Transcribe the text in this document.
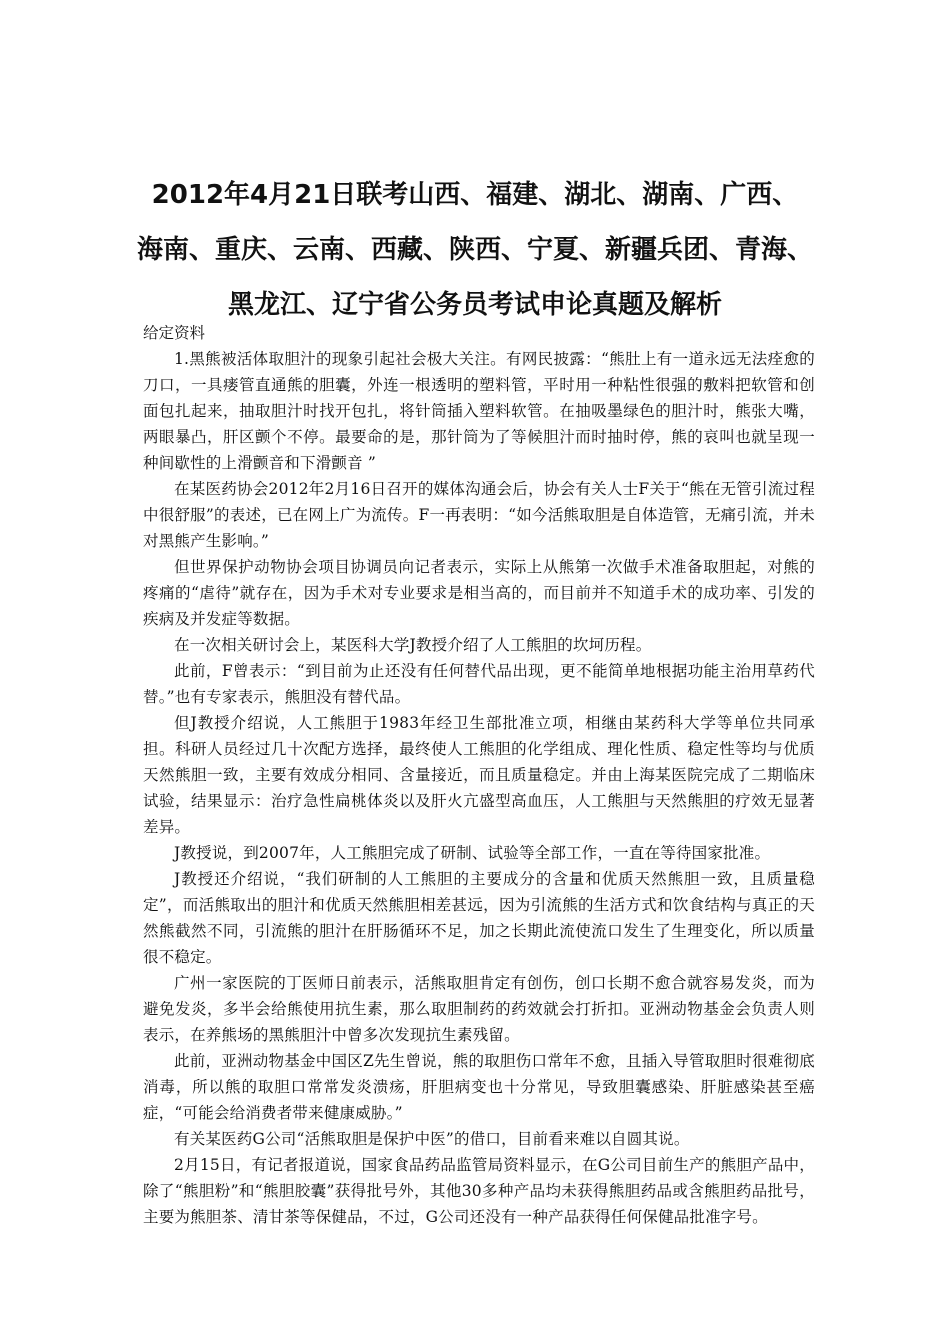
2012年4月21日联考山西、福建、湖北、湖南、广西、
海南、重庆、云南、西藏、陕西、宁夏、新疆兵团、青海、
黑龙江、辽宁省公务员考试申论真题及解析
给定资料

1.黑熊被活体取胆汁的现象引起社会极大关注。有网民披露：“熊肚上有一道永远无法痊愈的刀口，一具瘘管直通熊的胆囊，外连一根透明的塑料管，平时用一种粘性很强的敷料把软管和创面包扎起来，抽取胆汁时找开包扎，将针筒插入塑料软管。在抽吸墨绿色的胆汁时，熊张大嘴，两眼暴凸，肝区颤个不停。最要命的是，那针筒为了等候胆汁而时抽时停，熊的哀叫也就呈现一种间歇性的上滑颤音和下滑颤音 ”

在某医药协会2012年2月16日召开的媒体沟通会后，协会有关人士F关于“熊在无管引流过程中很舒服”的表述，已在网上广为流传。F一再表明：“如今活熊取胆是自体造管，无痛引流，并未对黑熊产生影响。”

但世界保护动物协会项目协调员向记者表示，实际上从熊第一次做手术准备取胆起，对熊的疼痛的“虐待”就存在，因为手术对专业要求是相当高的，而目前并不知道手术的成功率、引发的疾病及并发症等数据。

在一次相关研讨会上，某医科大学J教授介绍了人工熊胆的坎坷历程。

此前，F曾表示：“到目前为止还没有任何替代品出现，更不能简单地根据功能主治用草药代替。”也有专家表示，熊胆没有替代品。

但J教授介绍说，人工熊胆于1983年经卫生部批准立项，相继由某药科大学等单位共同承担。科研人员经过几十次配方选择，最终使人工熊胆的化学组成、理化性质、稳定性等均与优质天然熊胆一致，主要有效成分相同、含量接近，而且质量稳定。并由上海某医院完成了二期临床试验，结果显示：治疗急性扁桃体炎以及肝火亢盛型高血压，人工熊胆与天然熊胆的疗效无显著差异。

J教授说，到2007年，人工熊胆完成了研制、试验等全部工作，一直在等待国家批准。

J教授还介绍说，“我们研制的人工熊胆的主要成分的含量和优质天然熊胆一致，且质量稳定”，而活熊取出的胆汁和优质天然熊胆相差甚远，因为引流熊的生活方式和饮食结构与真正的天然熊截然不同，引流熊的胆汁在肝肠循环不足，加之长期此流使流口发生了生理变化，所以质量很不稳定。

广州一家医院的丁医师日前表示，活熊取胆肯定有创伤，创口长期不愈合就容易发炎，而为避免发炎，多半会给熊使用抗生素，那么取胆制药的药效就会打折扣。亚洲动物基金会负责人则表示，在养熊场的黑熊胆汁中曾多次发现抗生素残留。

此前，亚洲动物基金中国区Z先生曾说，熊的取胆伤口常年不愈，且插入导管取胆时很难彻底消毒，所以熊的取胆口常常发炎溃疡，肝胆病变也十分常见，导致胆囊感染、肝脏感染甚至癌症，“可能会给消费者带来健康威胁。”

有关某医药G公司“活熊取胆是保护中医”的借口，目前看来难以自圆其说。

2月15日，有记者报道说，国家食品药品监管局资料显示，在G公司目前生产的熊胆产品中，除了“熊胆粉”和“熊胆胶囊”获得批号外，其他30多种产品均未获得熊胆药品或含熊胆药品批号，主要为熊胆茶、清甘茶等保健品，不过，G公司还没有一种产品获得任何保健品批准字号。
